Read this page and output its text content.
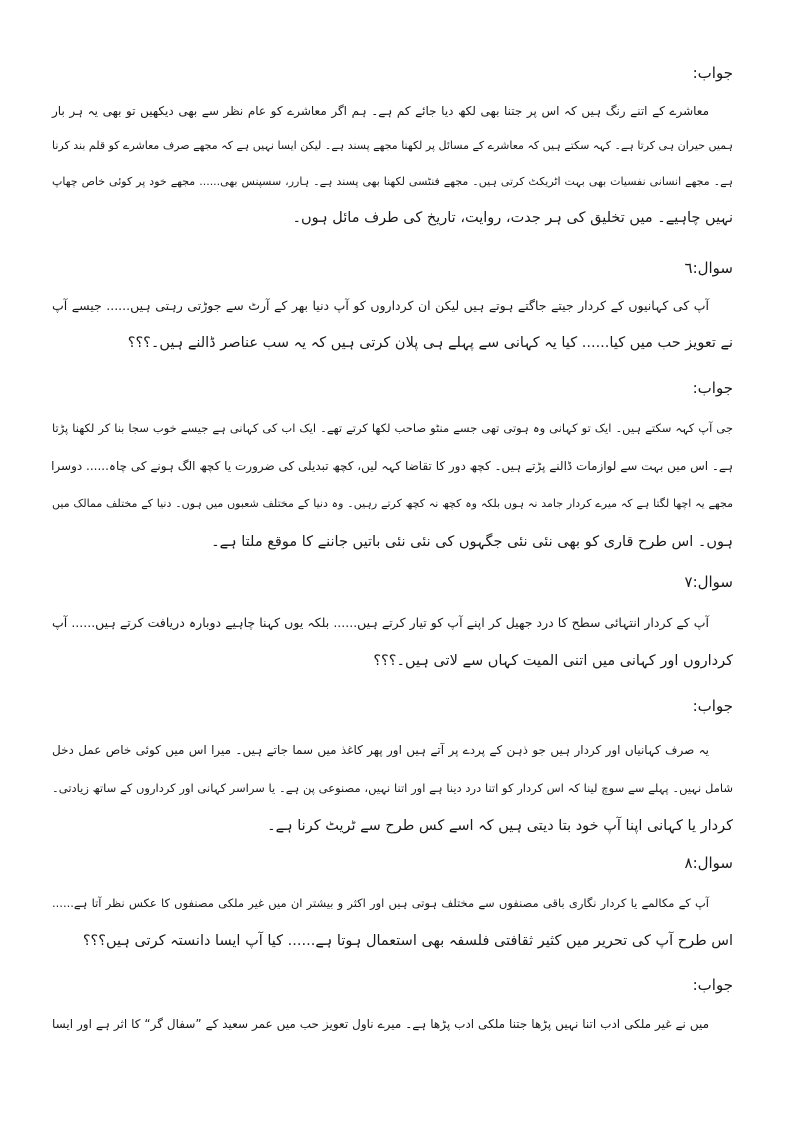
جواب:
معاشرے کے اتنے رنگ ہیں کہ اس پر جتنا بھی لکھ دیا جائے کم ہے۔ ہم اگر معاشرے کو عام نظر سے بھی دیکھیں تو بھی یہ ہر بار
ہمیں حیران ہی کرتا ہے۔ کہہ سکتے ہیں کہ معاشرے کے مسائل پر لکھنا مجھے پسند ہے۔ لیکن ایسا نہیں ہے کہ مجھے صرف معاشرے کو قلم بند کرنا
ہے۔ مجھے انسانی نفسیات بھی بہت اٹریکٹ کرتی ہیں۔ مجھے فنٹسی لکھنا بھی پسند ہے۔ ہارر، سسپنس بھی...... مجھے خود پر کوئی خاص چھاپ
نہیں چاہیے۔ میں تخلیق کی ہر جدت، روایت، تاریخ کی طرف مائل ہوں۔
سوال:٦
آپ کی کہانیوں کے کردار جیتے جاگتے ہوتے ہیں لیکن ان کرداروں کو آپ دنیا بھر کے آرٹ سے جوڑتی رہتی ہیں...... جیسے آپ
نے تعویز حب میں کیا...... کیا یہ کہانی سے پہلے ہی پلان کرتی ہیں کہ یہ سب عناصر ڈالنے ہیں۔؟؟؟
جواب:
جی آپ کہہ سکتے ہیں۔ ایک تو کہانی وہ ہوتی تھی جسے منٹو صاحب لکھا کرتے تھے۔ ایک اب کی کہانی ہے جیسے خوب سجا بنا کر لکھنا پڑتا
ہے۔ اس میں بہت سے لوازمات ڈالنے پڑتے ہیں۔ کچھ دور کا تقاضا کہہ لیں، کچھ تبدیلی کی ضرورت یا کچھ الگ ہونے کی چاہ...... دوسرا
مجھے یہ اچھا لگتا ہے کہ میرے کردار جامد نہ ہوں بلکہ وہ کچھ نہ کچھ کرتے رہیں۔ وہ دنیا کے مختلف شعبوں میں ہوں۔ دنیا کے مختلف ممالک میں
ہوں۔ اس طرح قاری کو بھی نئی نئی جگہوں کی نئی نئی باتیں جاننے کا موقع ملتا ہے۔
سوال:٧
آپ کے کردار انتہائی سطح کا درد جھیل کر اپنے آپ کو تیار کرتے ہیں...... بلکہ یوں کہنا چاہیے دوبارہ دریافت کرتے ہیں...... آپ
کرداروں اور کہانی میں اتنی المیت کہاں سے لاتی ہیں۔؟؟؟
جواب:
یہ صرف کہانیاں اور کردار ہیں جو ذہن کے پردے پر آتے ہیں اور پھر کاغذ میں سما جاتے ہیں۔ میرا اس میں کوئی خاص عمل دخل
شامل نہیں۔ پہلے سے سوچ لینا کہ اس کردار کو اتنا درد دینا ہے اور اتنا نہیں، مصنوعی پن ہے۔ یا سراسر کہانی اور کرداروں کے ساتھ زیادتی۔
کردار یا کہانی اپنا آپ خود بتا دیتی ہیں کہ اسے کس طرح سے ٹریٹ کرنا ہے۔
سوال:٨
آپ کے مکالمے یا کردار نگاری باقی مصنفوں سے مختلف ہوتی ہیں اور اکثر و بیشتر ان میں غیر ملکی مصنفوں کا عکس نظر آتا ہے......
اس طرح آپ کی تحریر میں کثیر ثقافتی فلسفہ بھی استعمال ہوتا ہے...... کیا آپ ایسا دانستہ کرتی ہیں؟؟؟
جواب:
میں نے غیر ملکی ادب اتنا نہیں پڑھا جتنا ملکی ادب پڑھا ہے۔ میرے ناول تعویز حب میں عمر سعید کے ”سفال گر“ کا اثر ہے اور ایسا
